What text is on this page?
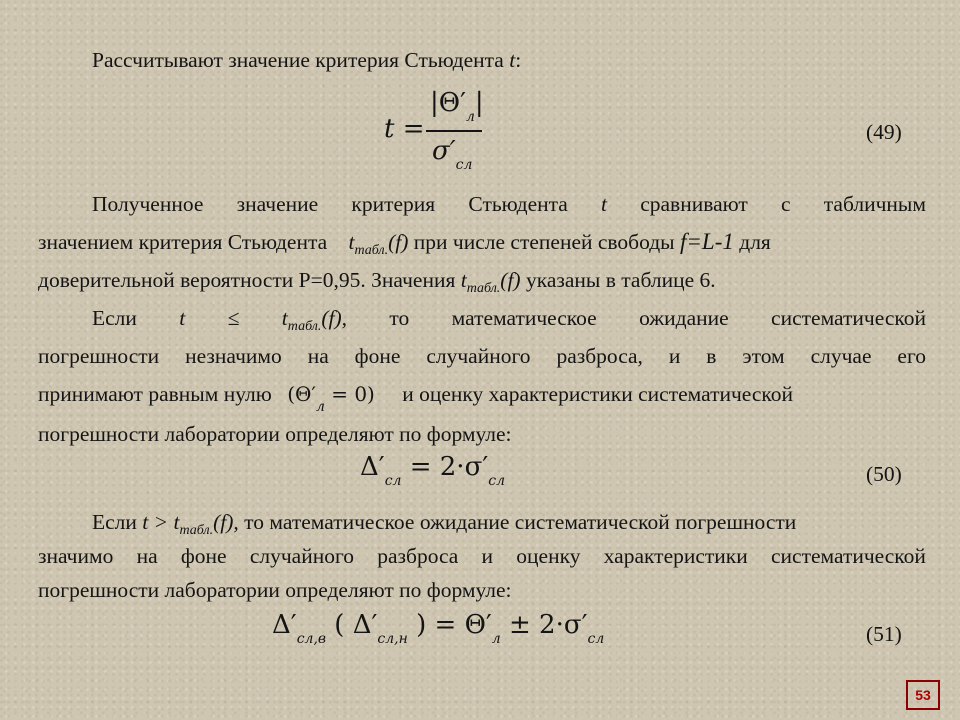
Рассчитывают значение критерия Стьюдента t:
t =
$|\Theta'_л|$
$\sigma'_{сл}$
(49)
Полученное значение критерия Стьюдента t сравнивают с табличным
значением критерия Стьюдента $t_{табл.}(f)$ при числе степеней свободы f=L-1 для
доверительной вероятности Р=0,95. Значения $t_{табл.}(f)$ указаны в таблице 6.
Если $t \le t_{табл.}(f)$, то математическое ожидание систематической
погрешности незначимо на фоне случайного разброса, и в этом случае его
принимают равным нулю $(\Theta'_л = 0)$ и оценку характеристики систематической
погрешности лаборатории определяют по формуле:
$\Delta'_{сл} = 2\cdot\sigma'_{сл}$	(50)
Если $t > t_{табл.}(f)$, то математическое ожидание систематической погрешности
значимо на фоне случайного разброса и оценку характеристики систематической
погрешности лаборатории определяют по формуле:
$\Delta'_{сл,в}$ ( $\Delta'_{сл,н}$ ) = $\Theta'_л \pm 2\cdot\sigma'_{сл}$	(51)
53
